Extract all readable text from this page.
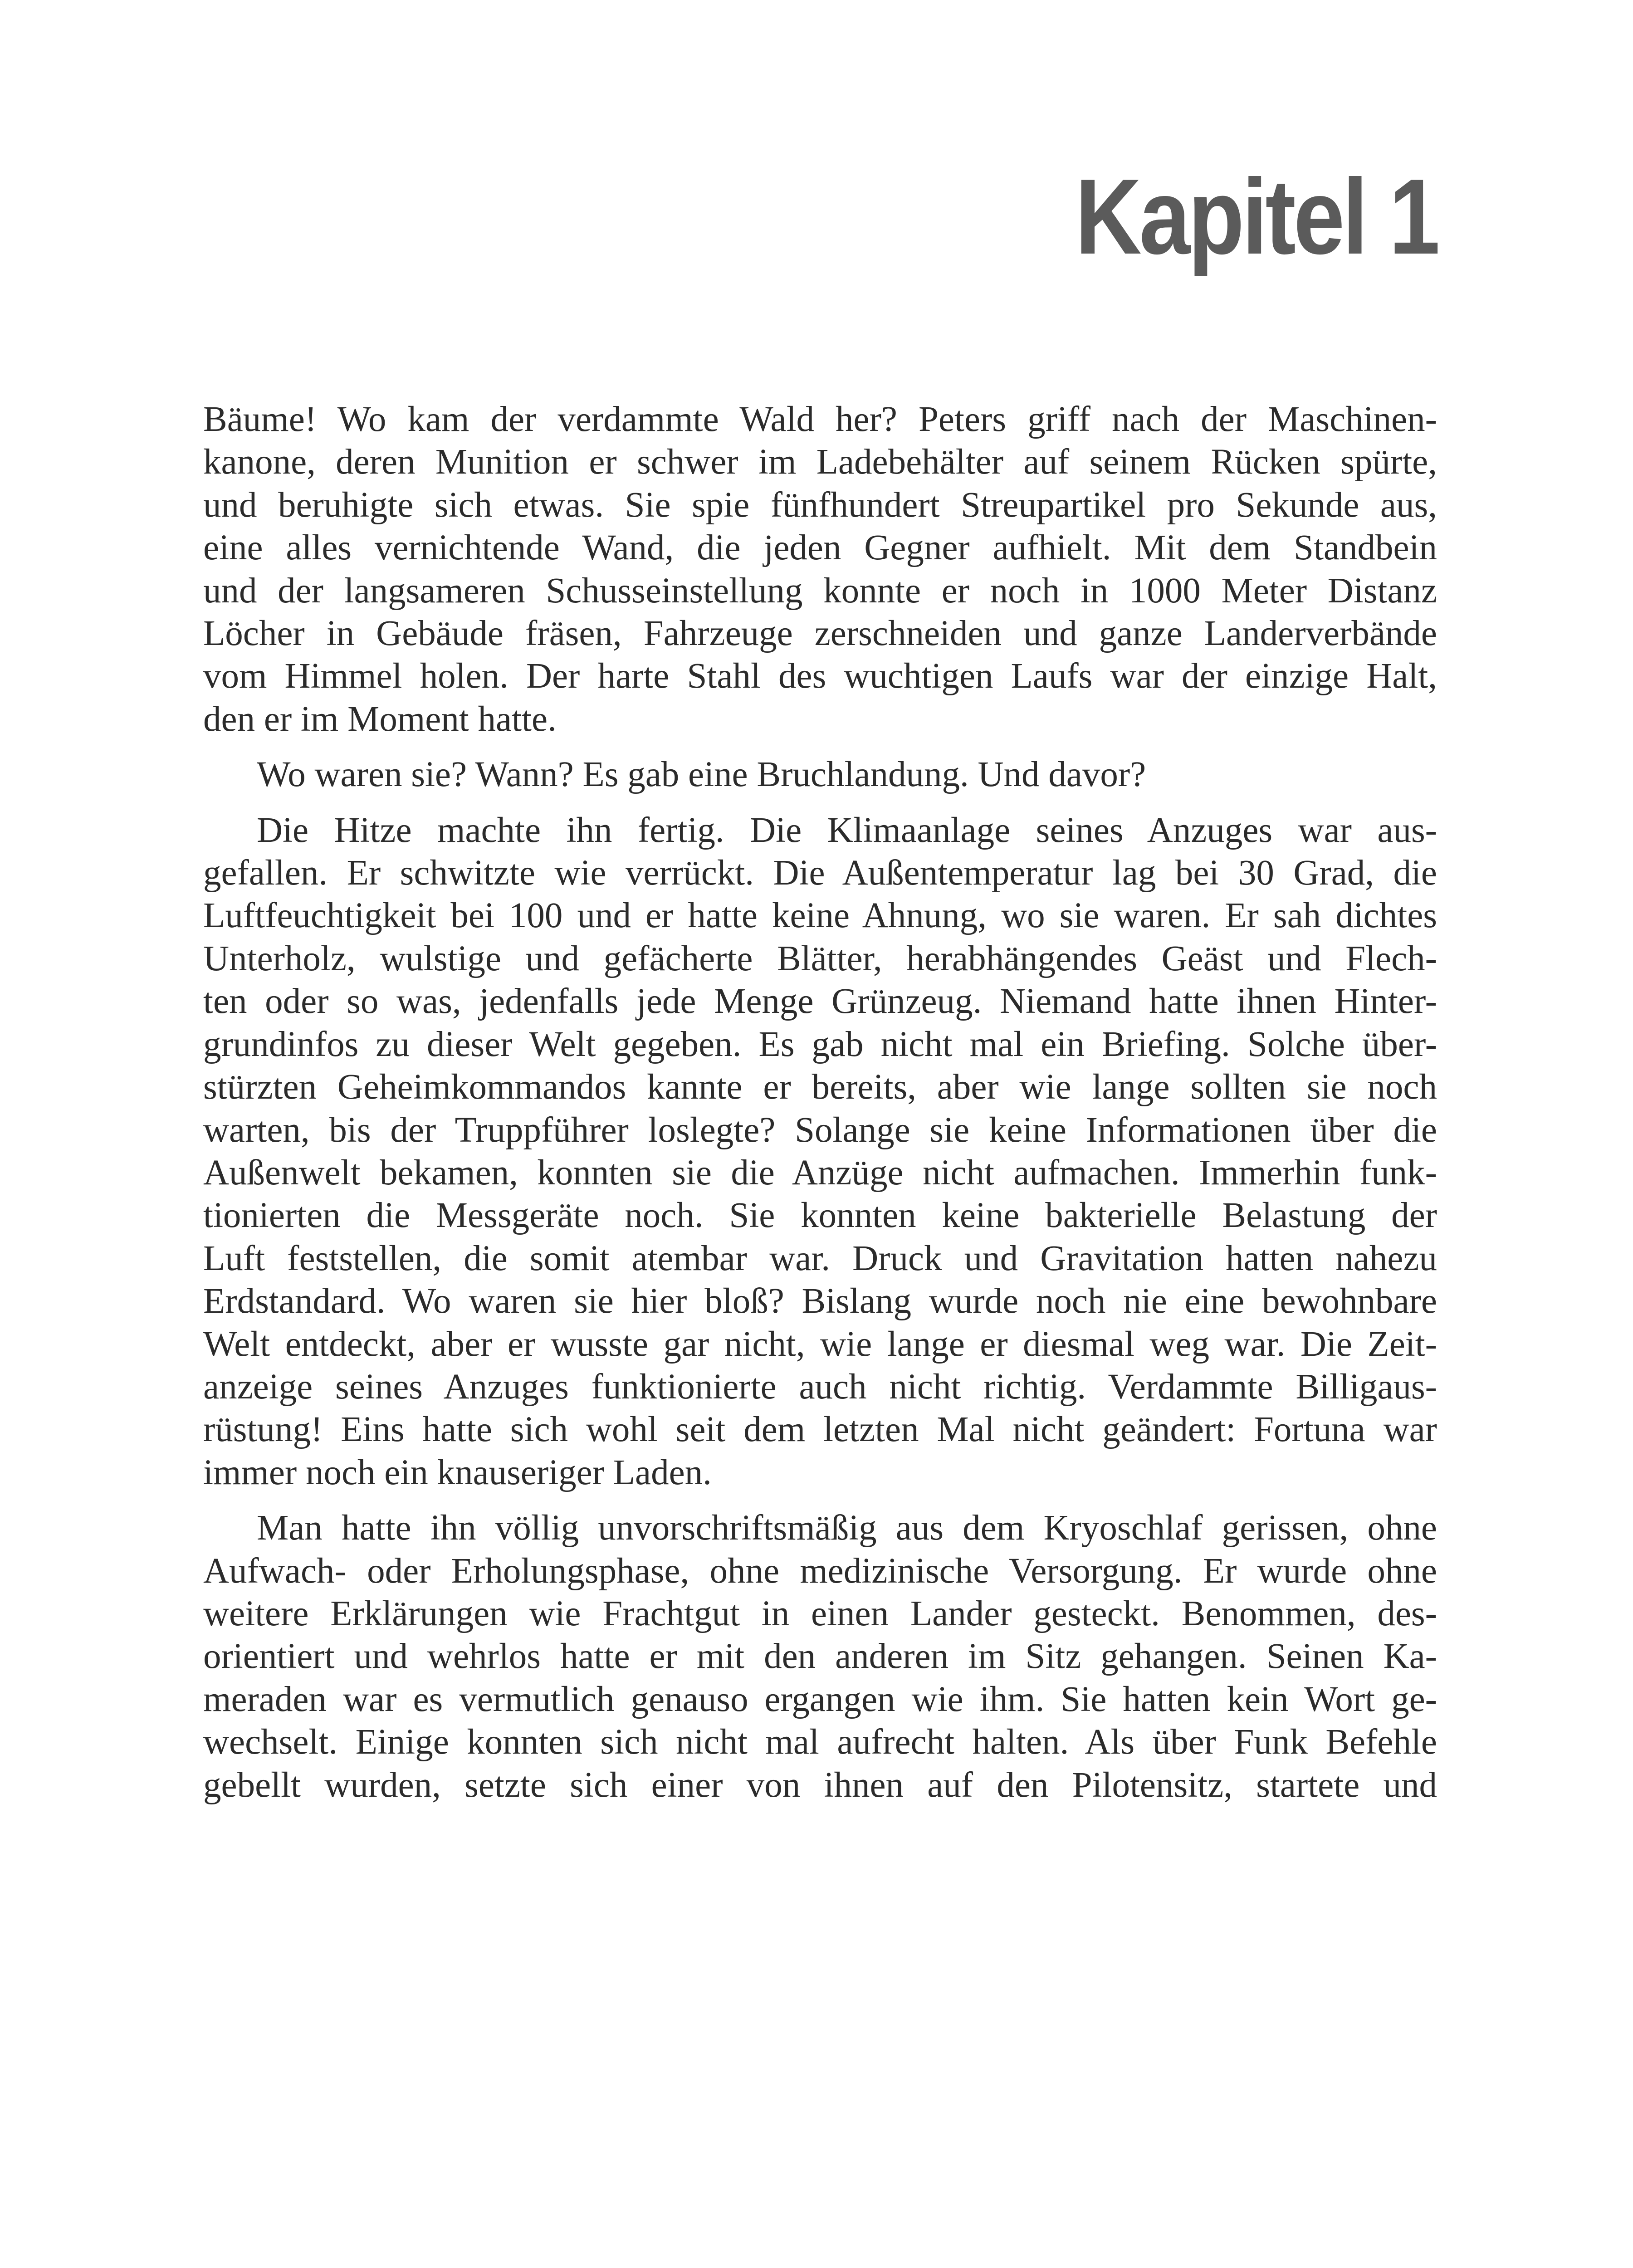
Kapitel 1

Bäume! Wo kam der verdammte Wald her? Peters griff nach der Maschinen-
kanone, deren Munition er schwer im Ladebehälter auf seinem Rücken spürte,
und beruhigte sich etwas. Sie spie fünfhundert Streupartikel pro Sekunde aus,
eine alles vernichtende Wand, die jeden Gegner aufhielt. Mit dem Standbein
und der langsameren Schusseinstellung konnte er noch in 1000 Meter Distanz
Löcher in Gebäude fräsen, Fahrzeuge zerschneiden und ganze Landerverbände
vom Himmel holen. Der harte Stahl des wuchtigen Laufs war der einzige Halt,
den er im Moment hatte.

Wo waren sie? Wann? Es gab eine Bruchlandung. Und davor?

Die Hitze machte ihn fertig. Die Klimaanlage seines Anzuges war aus-
gefallen. Er schwitzte wie verrückt. Die Außentemperatur lag bei 30 Grad, die
Luftfeuchtigkeit bei 100 und er hatte keine Ahnung, wo sie waren. Er sah dichtes
Unterholz, wulstige und gefächerte Blätter, herabhängendes Geäst und Flech-
ten oder so was, jedenfalls jede Menge Grünzeug. Niemand hatte ihnen Hinter-
grundinfos zu dieser Welt gegeben. Es gab nicht mal ein Briefing. Solche über-
stürzten Geheimkommandos kannte er bereits, aber wie lange sollten sie noch
warten, bis der Truppführer loslegte? Solange sie keine Informationen über die
Außenwelt bekamen, konnten sie die Anzüge nicht aufmachen. Immerhin funk-
tionierten die Messgeräte noch. Sie konnten keine bakterielle Belastung der
Luft feststellen, die somit atembar war. Druck und Gravitation hatten nahezu
Erdstandard. Wo waren sie hier bloß? Bislang wurde noch nie eine bewohnbare
Welt entdeckt, aber er wusste gar nicht, wie lange er diesmal weg war. Die Zeit-
anzeige seines Anzuges funktionierte auch nicht richtig. Verdammte Billigaus-
rüstung! Eins hatte sich wohl seit dem letzten Mal nicht geändert: Fortuna war
immer noch ein knauseriger Laden.

Man hatte ihn völlig unvorschriftsmäßig aus dem Kryoschlaf gerissen, ohne
Aufwach- oder Erholungsphase, ohne medizinische Versorgung. Er wurde ohne
weitere Erklärungen wie Frachtgut in einen Lander gesteckt. Benommen, des-
orientiert und wehrlos hatte er mit den anderen im Sitz gehangen. Seinen Ka-
meraden war es vermutlich genauso ergangen wie ihm. Sie hatten kein Wort ge-
wechselt. Einige konnten sich nicht mal aufrecht halten. Als über Funk Befehle
gebellt wurden, setzte sich einer von ihnen auf den Pilotensitz, startete und
